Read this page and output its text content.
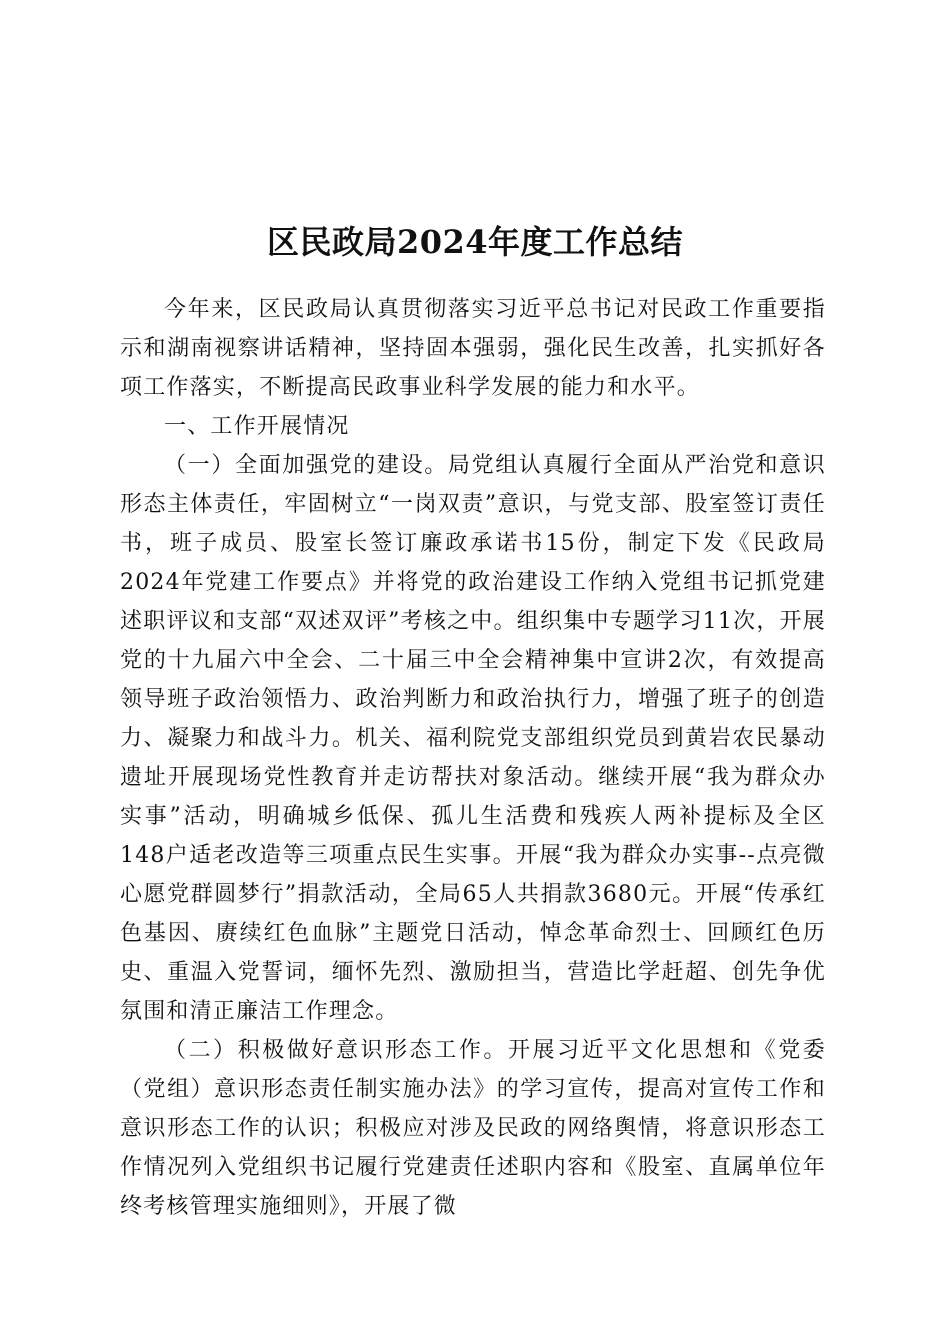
区民政局2024年度工作总结

今年来，区民政局认真贯彻落实习近平总书记对民政工作重要指示和湖南视察讲话精神，坚持固本强弱，强化民生改善，扎实抓好各项工作落实，不断提高民政事业科学发展的能力和水平。

一、工作开展情况

（一）全面加强党的建设。局党组认真履行全面从严治党和意识形态主体责任，牢固树立“一岗双责”意识，与党支部、股室签订责任书，班子成员、股室长签订廉政承诺书15份，制定下发《民政局2024年党建工作要点》并将党的政治建设工作纳入党组书记抓党建述职评议和支部“双述双评”考核之中。组织集中专题学习11次，开展党的十九届六中全会、二十届三中全会精神集中宣讲2次，有效提高领导班子政治领悟力、政治判断力和政治执行力，增强了班子的创造力、凝聚力和战斗力。机关、福利院党支部组织党员到黄岩农民暴动遗址开展现场党性教育并走访帮扶对象活动。继续开展“我为群众办实事”活动，明确城乡低保、孤儿生活费和残疾人两补提标及全区148户适老改造等三项重点民生实事。开展“我为群众办实事--点亮微心愿党群圆梦行”捐款活动，全局65人共捐款3680元。开展“传承红色基因、赓续红色血脉”主题党日活动，悼念革命烈士、回顾红色历史、重温入党誓词，缅怀先烈、激励担当，营造比学赶超、创先争优氛围和清正廉洁工作理念。

（二）积极做好意识形态工作。开展习近平文化思想和《党委（党组）意识形态责任制实施办法》的学习宣传，提高对宣传工作和意识形态工作的认识；积极应对涉及民政的网络舆情，将意识形态工作情况列入党组织书记履行党建责任述职内容和《股室、直属单位年终考核管理实施细则》，开展了微
